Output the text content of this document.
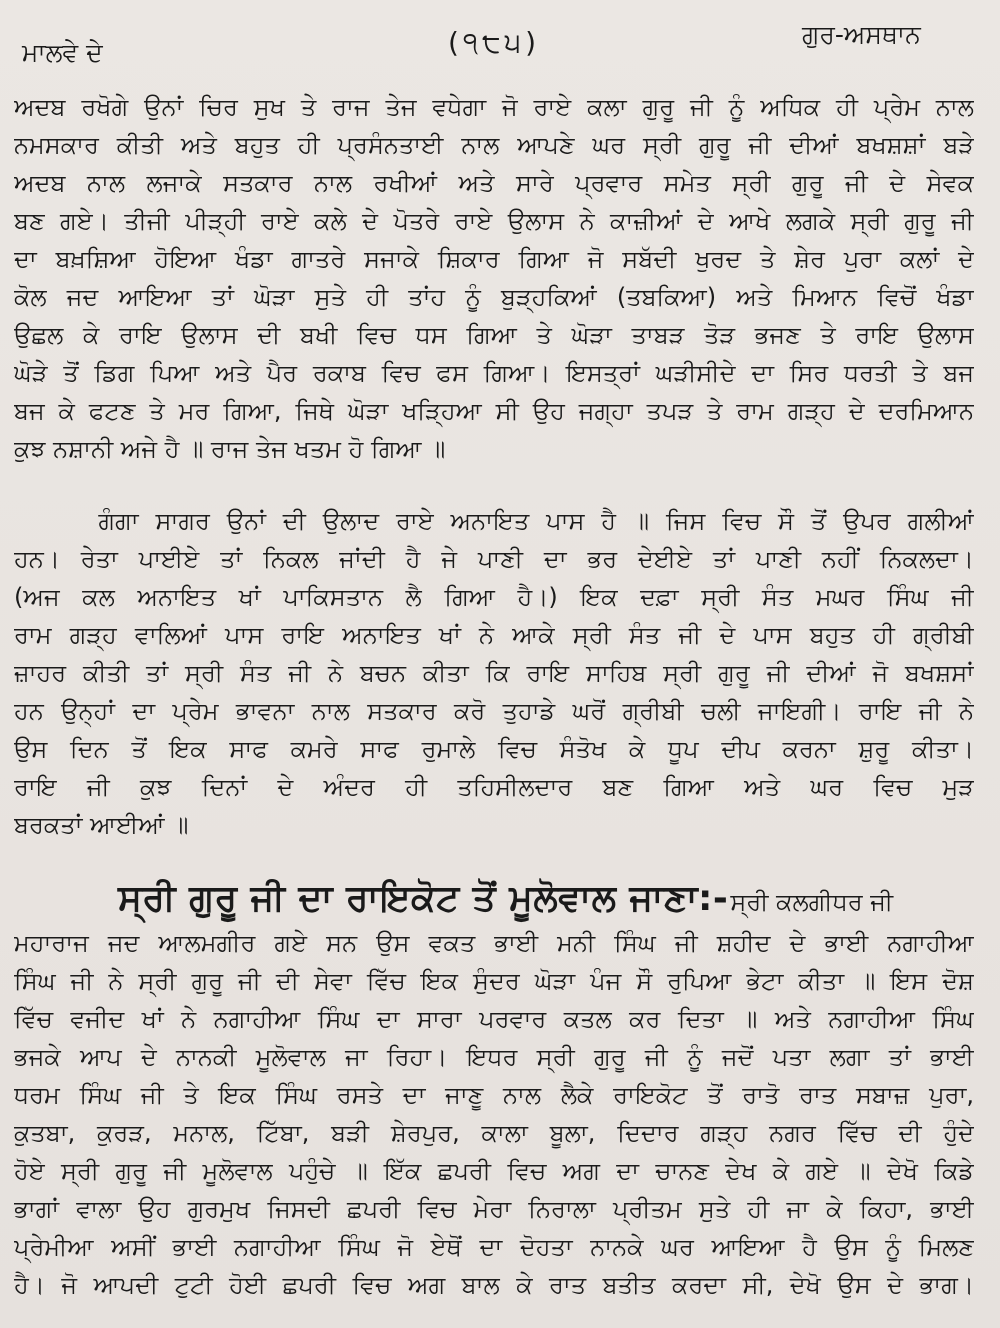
ਮਾਲਵੇ ਦੇ	(੧੮੫)	ਗੁਰ-ਅਸਥਾਨ
ਅਦਬ ਰਖੋਗੇ ਉਨਾਂ ਚਿਰ ਸੁਖ ਤੇ ਰਾਜ ਤੇਜ ਵਧੇਗਾ ਜੋ ਰਾਏ ਕਲਾ ਗੁਰੂ ਜੀ ਨੂੰ ਅਧਿਕ ਹੀ ਪ੍ਰੇਮ ਨਾਲ
ਨਮਸਕਾਰ ਕੀਤੀ ਅਤੇ ਬਹੁਤ ਹੀ ਪ੍ਰਸੰਨਤਾਈ ਨਾਲ ਆਪਣੇ ਘਰ ਸ੍ਰੀ ਗੁਰੂ ਜੀ ਦੀਆਂ ਬਖਸ਼ਸ਼ਾਂ ਬੜੇ
ਅਦਬ ਨਾਲ ਲਜਾਕੇ ਸਤਕਾਰ ਨਾਲ ਰਖੀਆਂ ਅਤੇ ਸਾਰੇ ਪ੍ਰਵਾਰ ਸਮੇਤ ਸ੍ਰੀ ਗੁਰੂ ਜੀ ਦੇ ਸੇਵਕ
ਬਣ ਗਏ। ਤੀਜੀ ਪੀੜ੍ਹੀ ਰਾਏ ਕਲੇ ਦੇ ਪੋਤਰੇ ਰਾਏ ਉਲਾਸ ਨੇ ਕਾਜ਼ੀਆਂ ਦੇ ਆਖੇ ਲਗਕੇ ਸ੍ਰੀ ਗੁਰੂ ਜੀ
ਦਾ ਬਖ਼ਸ਼ਿਆ ਹੋਇਆ ਖੰਡਾ ਗਾਤਰੇ ਸਜਾਕੇ ਸ਼ਿਕਾਰ ਗਿਆ ਜੋ ਸਬੱਦੀ ਖੁਰਦ ਤੇ ਸ਼ੇਰ ਪੁਰਾ ਕਲਾਂ ਦੇ
ਕੋਲ ਜਦ ਆਇਆ ਤਾਂ ਘੋੜਾ ਸੁਤੇ ਹੀ ਤਾਂਹ ਨੂੰ ਬੁੜ੍ਹਕਿਆਂ (ਤਬਕਿਆ) ਅਤੇ ਮਿਆਨ ਵਿਚੋਂ ਖੰਡਾ
ਉਛਲ ਕੇ ਰਾਇ ਉਲਾਸ ਦੀ ਬਖੀ ਵਿਚ ਧਸ ਗਿਆ ਤੇ ਘੋੜਾ ਤਾਬੜ ਤੋੜ ਭਜਣ ਤੇ ਰਾਇ ਉਲਾਸ
ਘੋੜੇ ਤੋਂ ਡਿਗ ਪਿਆ ਅਤੇ ਪੈਰ ਰਕਾਬ ਵਿਚ ਫਸ ਗਿਆ। ਇਸਤ੍ਰਾਂ ਘੜੀਸੀਦੇ ਦਾ ਸਿਰ ਧਰਤੀ ਤੇ ਬਜ
ਬਜ ਕੇ ਫਟਣ ਤੇ ਮਰ ਗਿਆ, ਜਿਥੇ ਘੋੜਾ ਖੜ੍ਹਿਆ ਸੀ ਉਹ ਜਗ੍ਹਾ ਤਪੜ ਤੇ ਰਾਮ ਗੜ੍ਹ ਦੇ ਦਰਮਿਆਨ
ਕੁਝ ਨਸ਼ਾਨੀ ਅਜੇ ਹੈ ॥ ਰਾਜ ਤੇਜ ਖਤਮ ਹੋ ਗਿਆ ॥
ਗੰਗਾ ਸਾਗਰ ਉਨਾਂ ਦੀ ਉਲਾਦ ਰਾਏ ਅਨਾਇਤ ਪਾਸ ਹੈ ॥ ਜਿਸ ਵਿਚ ਸੌ ਤੋਂ ਉਪਰ ਗਲੀਆਂ
ਹਨ। ਰੇਤਾ ਪਾਈਏ ਤਾਂ ਨਿਕਲ ਜਾਂਦੀ ਹੈ ਜੇ ਪਾਣੀ ਦਾ ਭਰ ਦੇਈਏ ਤਾਂ ਪਾਣੀ ਨਹੀਂ ਨਿਕਲਦਾ।
(ਅਜ ਕਲ ਅਨਾਇਤ ਖਾਂ ਪਾਕਿਸਤਾਨ ਲੈ ਗਿਆ ਹੈ।) ਇਕ ਦਫ਼ਾ ਸ੍ਰੀ ਸੰਤ ਮਘਰ ਸਿੰਘ ਜੀ
ਰਾਮ ਗੜ੍ਹ ਵਾਲਿਆਂ ਪਾਸ ਰਾਇ ਅਨਾਇਤ ਖਾਂ ਨੇ ਆਕੇ ਸ੍ਰੀ ਸੰਤ ਜੀ ਦੇ ਪਾਸ ਬਹੁਤ ਹੀ ਗ੍ਰੀਬੀ
ਜ਼ਾਹਰ ਕੀਤੀ ਤਾਂ ਸ੍ਰੀ ਸੰਤ ਜੀ ਨੇ ਬਚਨ ਕੀਤਾ ਕਿ ਰਾਇ ਸਾਹਿਬ ਸ੍ਰੀ ਗੁਰੂ ਜੀ ਦੀਆਂ ਜੋ ਬਖਸ਼ਸਾਂ
ਹਨ ਉਨ੍ਹਾਂ ਦਾ ਪ੍ਰੇਮ ਭਾਵਨਾ ਨਾਲ ਸਤਕਾਰ ਕਰੋ ਤੁਹਾਡੇ ਘਰੋਂ ਗ੍ਰੀਬੀ ਚਲੀ ਜਾਇਗੀ। ਰਾਇ ਜੀ ਨੇ
ਉਸ ਦਿਨ ਤੋਂ ਇਕ ਸਾਫ ਕਮਰੇ ਸਾਫ ਰੁਮਾਲੇ ਵਿਚ ਸੰਤੋਖ ਕੇ ਧੂਪ ਦੀਪ ਕਰਨਾ ਸ਼ੁਰੂ ਕੀਤਾ।
ਰਾਇ ਜੀ ਕੁਝ ਦਿਨਾਂ ਦੇ ਅੰਦਰ ਹੀ ਤਹਿਸੀਲਦਾਰ ਬਣ ਗਿਆ ਅਤੇ ਘਰ ਵਿਚ ਮੁੜ
ਬਰਕਤਾਂ ਆਈਆਂ ॥
ਸ੍ਰੀ ਗੁਰੂ ਜੀ ਦਾ ਰਾਇਕੋਟ ਤੋਂ ਮੂਲੋਵਾਲ ਜਾਣਾ:-ਸ੍ਰੀ ਕਲਗੀਧਰ ਜੀ
ਮਹਾਰਾਜ ਜਦ ਆਲਮਗੀਰ ਗਏ ਸਨ ਉਸ ਵਕਤ ਭਾਈ ਮਨੀ ਸਿੰਘ ਜੀ ਸ਼ਹੀਦ ਦੇ ਭਾਈ ਨਗਾਹੀਆ
ਸਿੰਘ ਜੀ ਨੇ ਸ੍ਰੀ ਗੁਰੂ ਜੀ ਦੀ ਸੇਵਾ ਵਿੱਚ ਇਕ ਸੁੰਦਰ ਘੋੜਾ ਪੰਜ ਸੌ ਰੁਪਿਆ ਭੇਟਾ ਕੀਤਾ ॥ ਇਸ ਦੋਸ਼
ਵਿੱਚ ਵਜੀਦ ਖਾਂ ਨੇ ਨਗਾਹੀਆ ਸਿੰਘ ਦਾ ਸਾਰਾ ਪਰਵਾਰ ਕਤਲ ਕਰ ਦਿਤਾ ॥ ਅਤੇ ਨਗਾਹੀਆ ਸਿੰਘ
ਭਜਕੇ ਆਪ ਦੇ ਨਾਨਕੀ ਮੂਲੋਵਾਲ ਜਾ ਰਿਹਾ। ਇਧਰ ਸ੍ਰੀ ਗੁਰੂ ਜੀ ਨੂੰ ਜਦੋਂ ਪਤਾ ਲਗਾ ਤਾਂ ਭਾਈ
ਧਰਮ ਸਿੰਘ ਜੀ ਤੇ ਇਕ ਸਿੰਘ ਰਸਤੇ ਦਾ ਜਾਣੂ ਨਾਲ ਲੈਕੇ ਰਾਇਕੋਟ ਤੋਂ ਰਾਤੋ ਰਾਤ ਸਬਾਜ਼ ਪੁਰਾ,
ਕੁਤਬਾ, ਕੁਰੜ, ਮਨਾਲ, ਟਿੱਬਾ, ਬੜੀ ਸ਼ੇਰਪੁਰ, ਕਾਲਾ ਬੂਲਾ, ਦਿਦਾਰ ਗੜ੍ਹ ਨਗਰ ਵਿੱਚ ਦੀ ਹੁੰਦੇ
ਹੋਏ ਸ੍ਰੀ ਗੁਰੂ ਜੀ ਮੂਲੋਵਾਲ ਪਹੁੰਚੇ ॥ ਇੱਕ ਛਪਰੀ ਵਿਚ ਅਗ ਦਾ ਚਾਨਣ ਦੇਖ ਕੇ ਗਏ ॥ ਦੇਖੋ ਕਿਡੇ
ਭਾਗਾਂ ਵਾਲਾ ਉਹ ਗੁਰਮੁਖ ਜਿਸਦੀ ਛਪਰੀ ਵਿਚ ਮੇਰਾ ਨਿਰਾਲਾ ਪ੍ਰੀਤਮ ਸੁਤੇ ਹੀ ਜਾ ਕੇ ਕਿਹਾ, ਭਾਈ
ਪ੍ਰੇਮੀਆ ਅਸੀਂ ਭਾਈ ਨਗਾਹੀਆ ਸਿੰਘ ਜੋ ਏਥੋਂ ਦਾ ਦੋਹਤਾ ਨਾਨਕੇ ਘਰ ਆਇਆ ਹੈ ਉਸ ਨੂੰ ਮਿਲਣ
ਹੈ। ਜੋ ਆਪਦੀ ਟੁਟੀ ਹੋਈ ਛਪਰੀ ਵਿਚ ਅਗ ਬਾਲ ਕੇ ਰਾਤ ਬਤੀਤ ਕਰਦਾ ਸੀ, ਦੇਖੋ ਉਸ ਦੇ ਭਾਗ।
